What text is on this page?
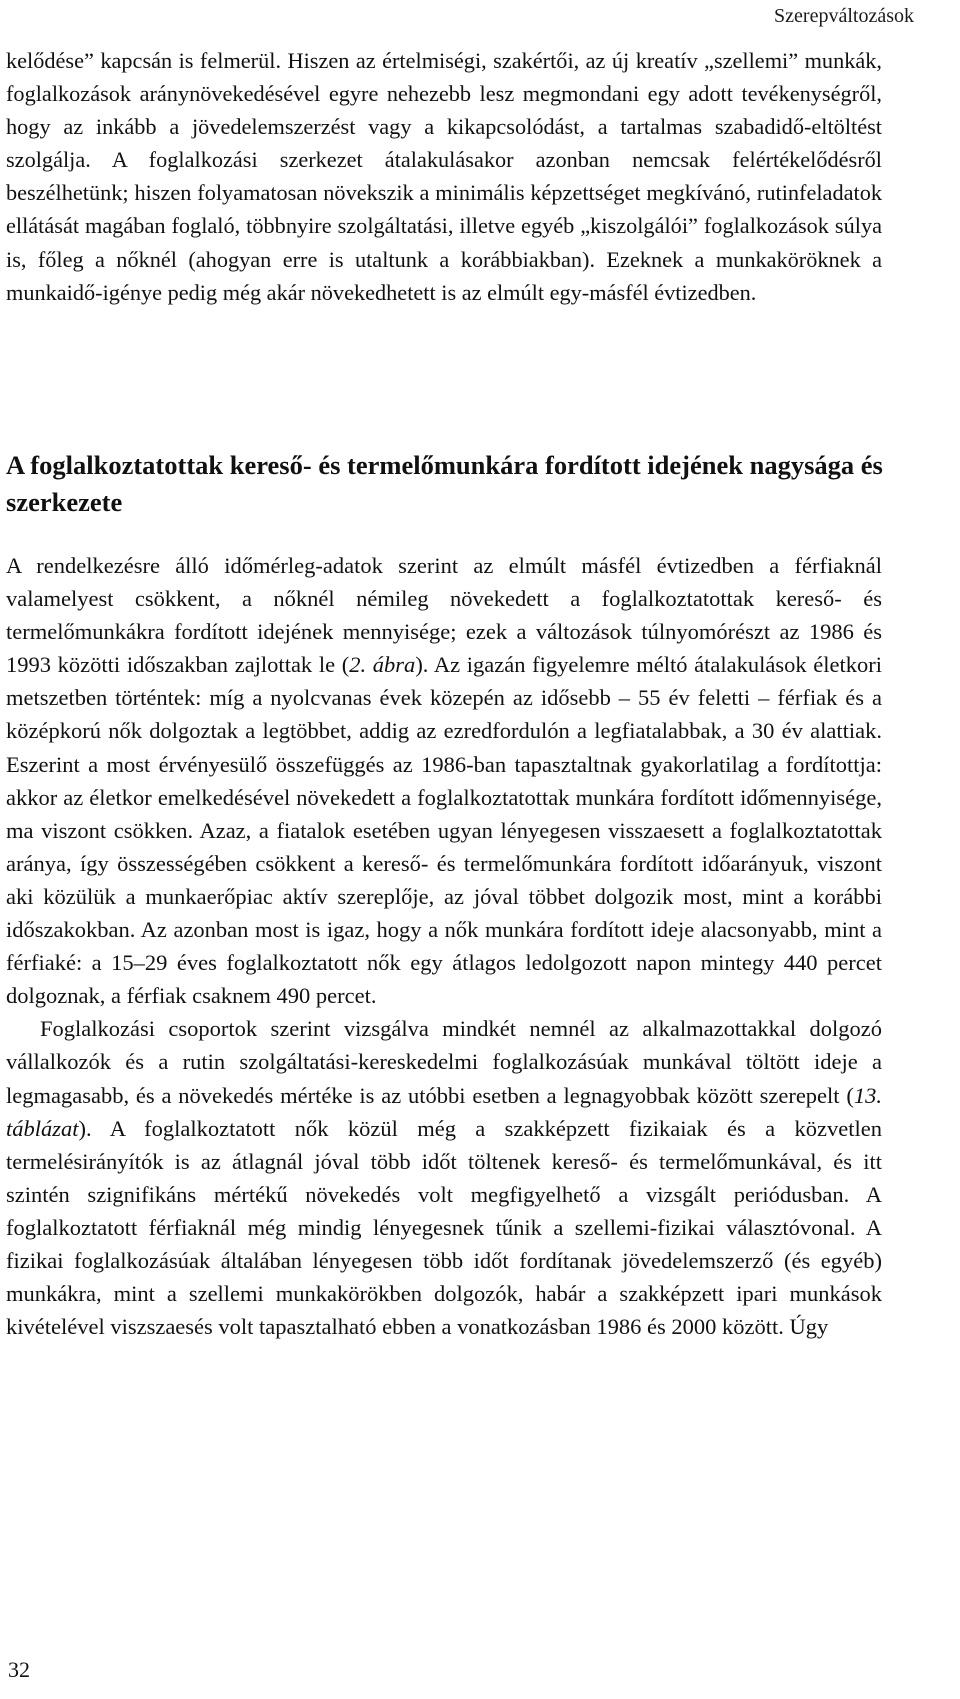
Szerepváltozások

kelődése” kapcsán is felmerül. Hiszen az értelmiségi, szakértői, az új kreatív „szellemi” munkák, foglalkozások aránynövekedésével egyre nehezebb lesz megmondani egy adott tevékenységről, hogy az inkább a jövedelemszerzést vagy a kikapcsolódást, a tartalmas szabadidő-eltöltést szolgálja. A foglalkozási szerkezet átalakulásakor azonban nemcsak felértékelődésről beszélhetünk; hiszen folyamatosan növekszik a minimális képzettséget megkívánó, rutinfeladatok ellátását magában foglaló, többnyire szolgáltatási, illetve egyéb „kiszolgálói” foglalkozások súlya is, főleg a nőknél (ahogyan erre is utaltunk a korábbiakban). Ezeknek a munkaköröknek a munkaidő-igénye pedig még akár növekedhetett is az elmúlt egy-másfél évtizedben.

A foglalkoztatottak kereső- és termelőmunkára fordított idejének nagysága és szerkezete

A rendelkezésre álló időmérleg-adatok szerint az elmúlt másfél évtizedben a férfiaknál valamelyest csökkent, a nőknél némileg növekedett a foglalkoztatottak kereső- és termelőmunkákra fordított idejének mennyisége; ezek a változások túlnyomórészt az 1986 és 1993 közötti időszakban zajlottak le (2. ábra). Az igazán figyelemre méltó átalakulások életkori metszetben történtek: míg a nyolcvanas évek közepén az idősebb – 55 év feletti – férfiak és a középkorú nők dolgoztak a legtöbbet, addig az ezredfordulón a legfiatalabbak, a 30 év alattiak. Eszerint a most érvényesülő összefüggés az 1986-ban tapasztaltnak gyakorlatilag a fordítottja: akkor az életkor emelkedésével növekedett a foglalkoztatottak munkára fordított időmennyisége, ma viszont csökken. Azaz, a fiatalok esetében ugyan lényegesen visszaesett a foglalkoztatottak aránya, így összességében csökkent a kereső- és termelőmunkára fordított időarányuk, viszont aki közülük a munkaerőpiac aktív szereplője, az jóval többet dolgozik most, mint a korábbi időszakokban. Az azonban most is igaz, hogy a nők munkára fordított ideje alacsonyabb, mint a férfiaké: a 15–29 éves foglalkoztatott nők egy átlagos ledolgozott napon mintegy 440 percet dolgoznak, a férfiak csaknem 490 percet.

Foglalkozási csoportok szerint vizsgálva mindkét nemnél az alkalmazottakkal dolgozó vállalkozók és a rutin szolgáltatási-kereskedelmi foglalkozásúak munkával töltött ideje a legmagasabb, és a növekedés mértéke is az utóbbi esetben a legnagyobbak között szerepelt (13. táblázat). A foglalkoztatott nők közül még a szakképzett fizikaiak és a közvetlen termelésirányítók is az átlagnál jóval több időt töltenek kereső- és termelőmunkával, és itt szintén szignifikáns mértékű növekedés volt megfigyelhető a vizsgált periódusban. A foglalkoztatott férfiaknál még mindig lényegesnek tűnik a szellemi-fizikai választóvonal. A fizikai foglalkozásúak általában lényegesen több időt fordítanak jövedelemszerző (és egyéb) munkákra, mint a szellemi munkakörökben dolgozók, habár a szakképzett ipari munkások kivételével viszszaesés volt tapasztalható ebben a vonatkozásban 1986 és 2000 között. Úgy

32
